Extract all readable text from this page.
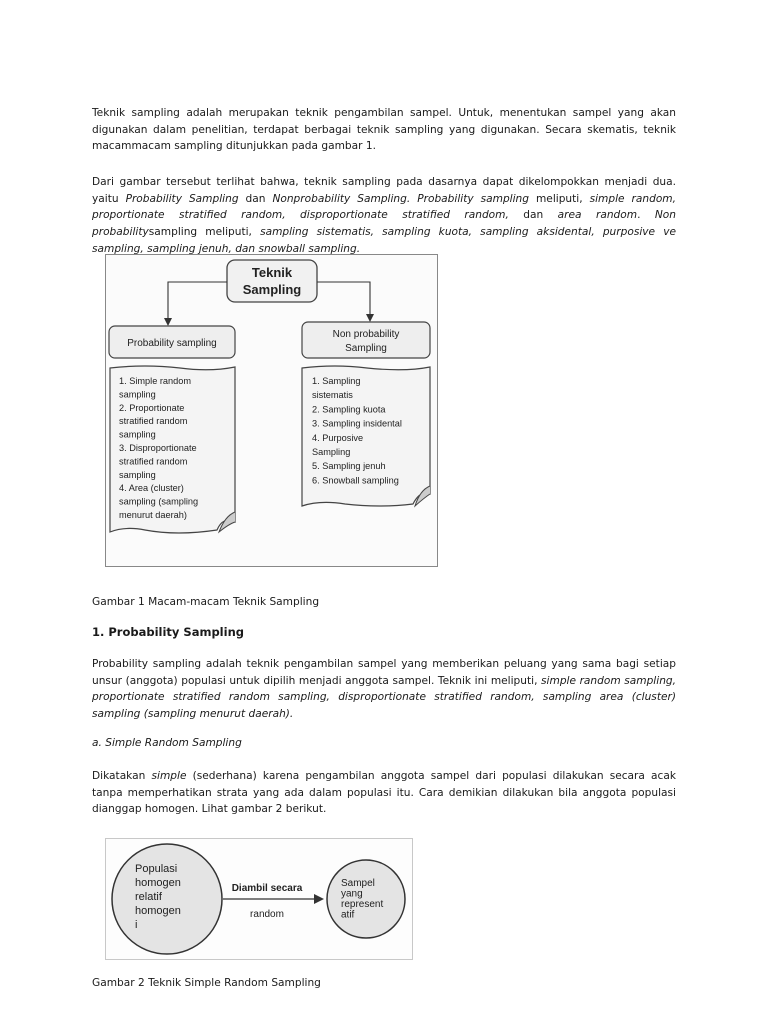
Teknik sampling adalah merupakan teknik pengambilan sampel. Untuk, menentukan sampel yang akan digunakan dalam penelitian, terdapat berbagai teknik sampling yang digunakan. Secara skematis, teknik macammacam sampling ditunjukkan pada gambar 1.

Dari gambar tersebut terlihat bahwa, teknik sampling pada dasarnya dapat dikelompokkan menjadi dua. yaitu Probability Sampling dan Nonprobability Sampling. Probability sampling meliputi, simple random, proportionate stratified random, disproportionate stratified random, dan area random. Non probabilitysampling meliputi, sampling sistematis, sampling kuota, sampling aksidental, purposive ve sampling, sampling jenuh, dan snowball sampling.

Gambar 1 Macam-macam Teknik Sampling
1. Probability Sampling

Probability sampling adalah teknik pengambilan sampel yang memberikan peluang yang sama bagi setiap unsur (anggota) populasi untuk dipilih menjadi anggota sampel. Teknik ini meliputi, simple random sampling, proportionate stratified random sampling, disproportionate stratified random, sampling area (cluster) sampling (sampling menurut daerah).

a. Simple Random Sampling

Dikatakan simple (sederhana) karena pengambilan anggota sampel dari populasi dilakukan secara acak tanpa memperhatikan strata yang ada dalam populasi itu. Cara demikian dilakukan bila anggota populasi dianggap homogen. Lihat gambar 2 berikut.

Gambar 2 Teknik Simple Random Sampling
Teknik
Sampling
Probability sampling
Non probability
Sampling
1. Simple random
sampling
2. Proportionate
stratified random
sampling
3. Disproportionate
stratified random
sampling
4. Area (cluster)
sampling (sampling
menurut daerah)
1. Sampling
sistematis
2. Sampling kuota
3. Sampling insidental
4. Purposive
Sampling
5. Sampling jenuh
6. Snowball sampling
Populasi
homogen
relatif
homogen
i
Diambil secara
random
Sampel
yang
represent
atif
